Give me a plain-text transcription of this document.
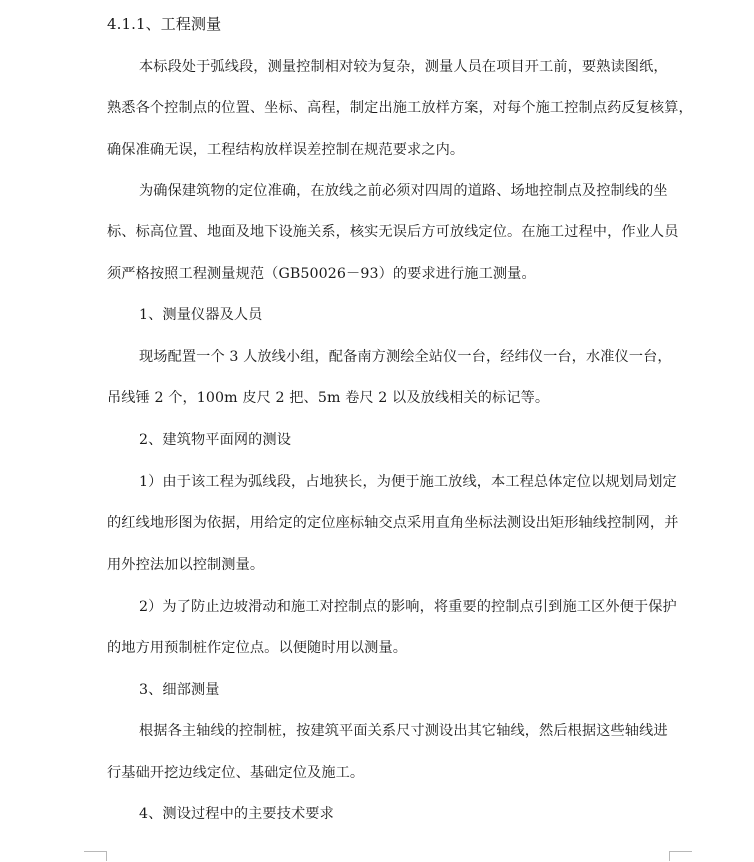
4.1.1、工程测量
本标段处于弧线段，测量控制相对较为复杂，测量人员在项目开工前，要熟读图纸，
熟悉各个控制点的位置、坐标、高程，制定出施工放样方案，对每个施工控制点药反复核算，
确保准确无误，工程结构放样误差控制在规范要求之内。
为确保建筑物的定位准确，在放线之前必须对四周的道路、场地控制点及控制线的坐
标、标高位置、地面及地下设施关系，核实无误后方可放线定位。在施工过程中，作业人员
须严格按照工程测量规范（GB50026－93）的要求进行施工测量。
1、测量仪器及人员
现场配置一个 3 人放线小组，配备南方测绘全站仪一台，经纬仪一台，水准仪一台，
吊线锤 2 个，100m 皮尺 2 把、5m 卷尺 2 以及放线相关的标记等。
2、建筑物平面网的测设
1）由于该工程为弧线段，占地狭长，为便于施工放线，本工程总体定位以规划局划定
的红线地形图为依据，用给定的定位座标轴交点采用直角坐标法测设出矩形轴线控制网，并
用外控法加以控制测量。
2）为了防止边坡滑动和施工对控制点的影响，将重要的控制点引到施工区外便于保护
的地方用预制桩作定位点。以便随时用以测量。
3、细部测量
根据各主轴线的控制桩，按建筑平面关系尺寸测设出其它轴线，然后根据这些轴线进
行基础开挖边线定位、基础定位及施工。
4、测设过程中的主要技术要求
